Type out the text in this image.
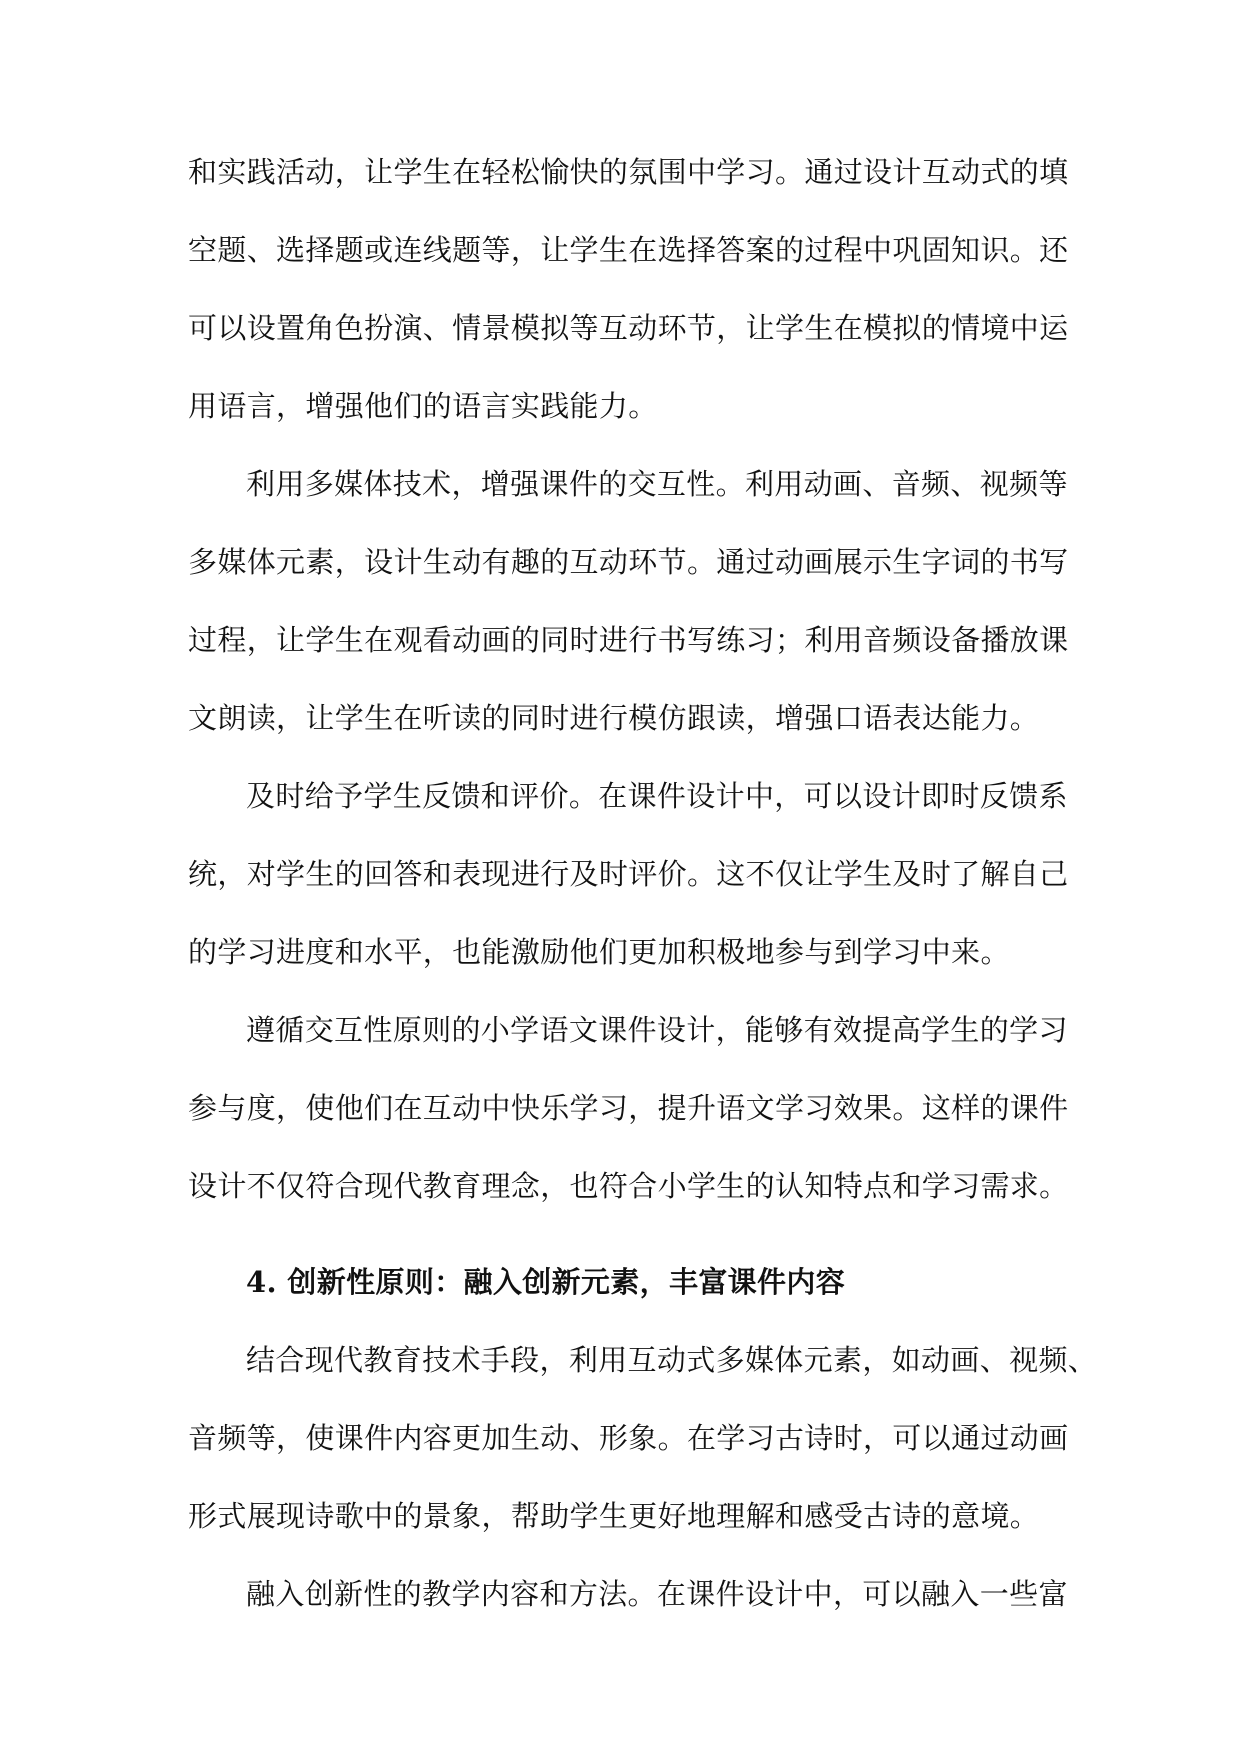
和实践活动，让学生在轻松愉快的氛围中学习。通过设计互动式的填
空题、选择题或连线题等，让学生在选择答案的过程中巩固知识。还
可以设置角色扮演、情景模拟等互动环节，让学生在模拟的情境中运
用语言，增强他们的语言实践能力。
利用多媒体技术，增强课件的交互性。利用动画、音频、视频等
多媒体元素，设计生动有趣的互动环节。通过动画展示生字词的书写
过程，让学生在观看动画的同时进行书写练习；利用音频设备播放课
文朗读，让学生在听读的同时进行模仿跟读，增强口语表达能力。
及时给予学生反馈和评价。在课件设计中，可以设计即时反馈系
统，对学生的回答和表现进行及时评价。这不仅让学生及时了解自己
的学习进度和水平，也能激励他们更加积极地参与到学习中来。
遵循交互性原则的小学语文课件设计，能够有效提高学生的学习
参与度，使他们在互动中快乐学习，提升语文学习效果。这样的课件
设计不仅符合现代教育理念，也符合小学生的认知特点和学习需求。
4. 创新性原则：融入创新元素，丰富课件内容
结合现代教育技术手段，利用互动式多媒体元素，如动画、视频、
音频等，使课件内容更加生动、形象。在学习古诗时，可以通过动画
形式展现诗歌中的景象，帮助学生更好地理解和感受古诗的意境。
融入创新性的教学内容和方法。在课件设计中，可以融入一些富
